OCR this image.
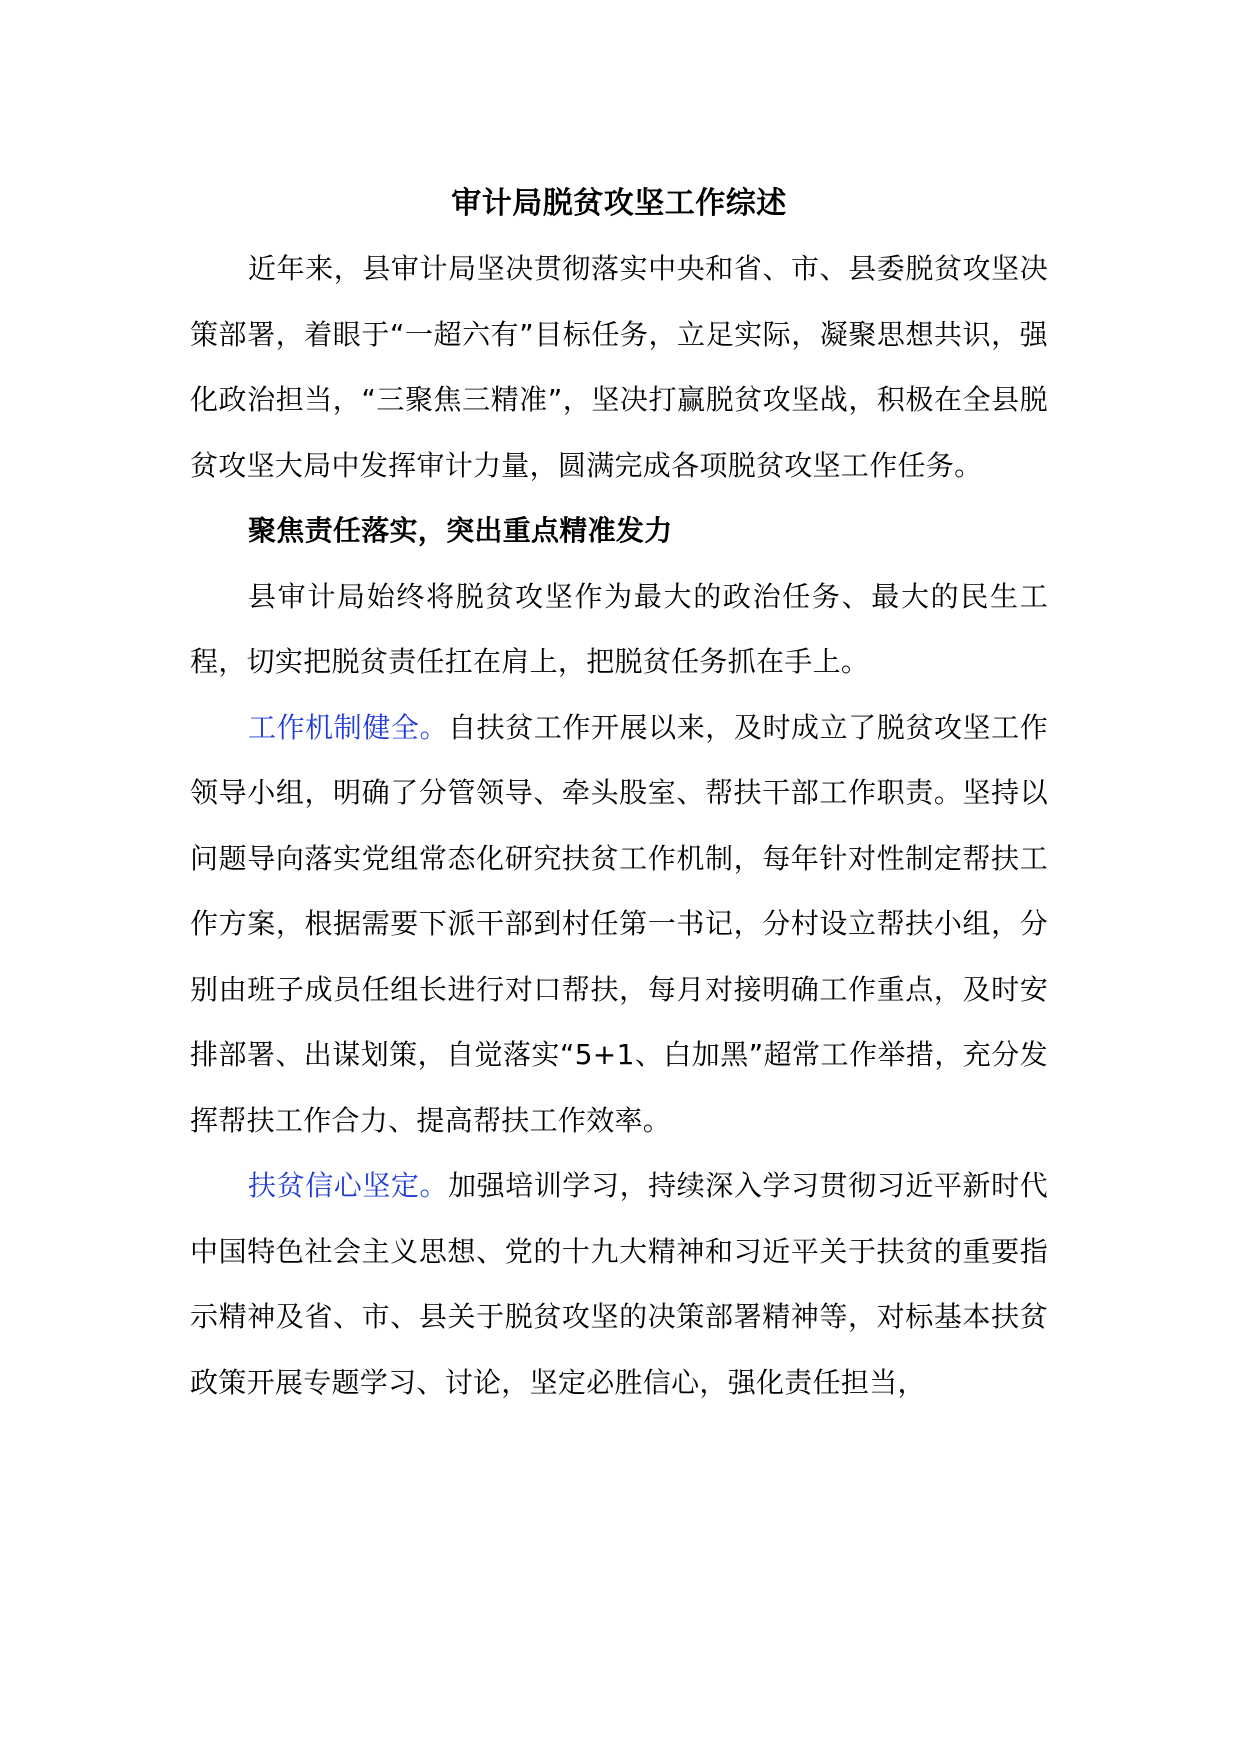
审计局脱贫攻坚工作综述

近年来，县审计局坚决贯彻落实中央和省、市、县委脱贫攻坚决策部署，着眼于“一超六有”目标任务，立足实际，凝聚思想共识，强化政治担当，“三聚焦三精准”，坚决打赢脱贫攻坚战，积极在全县脱贫攻坚大局中发挥审计力量，圆满完成各项脱贫攻坚工作任务。

聚焦责任落实，突出重点精准发力

县审计局始终将脱贫攻坚作为最大的政治任务、最大的民生工程，切实把脱贫责任扛在肩上，把脱贫任务抓在手上。

工作机制健全。自扶贫工作开展以来，及时成立了脱贫攻坚工作领导小组，明确了分管领导、牵头股室、帮扶干部工作职责。坚持以问题导向落实党组常态化研究扶贫工作机制，每年针对性制定帮扶工作方案，根据需要下派干部到村任第一书记，分村设立帮扶小组，分别由班子成员任组长进行对口帮扶，每月对接明确工作重点，及时安排部署、出谋划策，自觉落实“5+1、白加黑”超常工作举措，充分发挥帮扶工作合力、提高帮扶工作效率。

扶贫信心坚定。加强培训学习，持续深入学习贯彻习近平新时代中国特色社会主义思想、党的十九大精神和习近平关于扶贫的重要指示精神及省、市、县关于脱贫攻坚的决策部署精神等，对标基本扶贫政策开展专题学习、讨论，坚定必胜信心，强化责任担当，
